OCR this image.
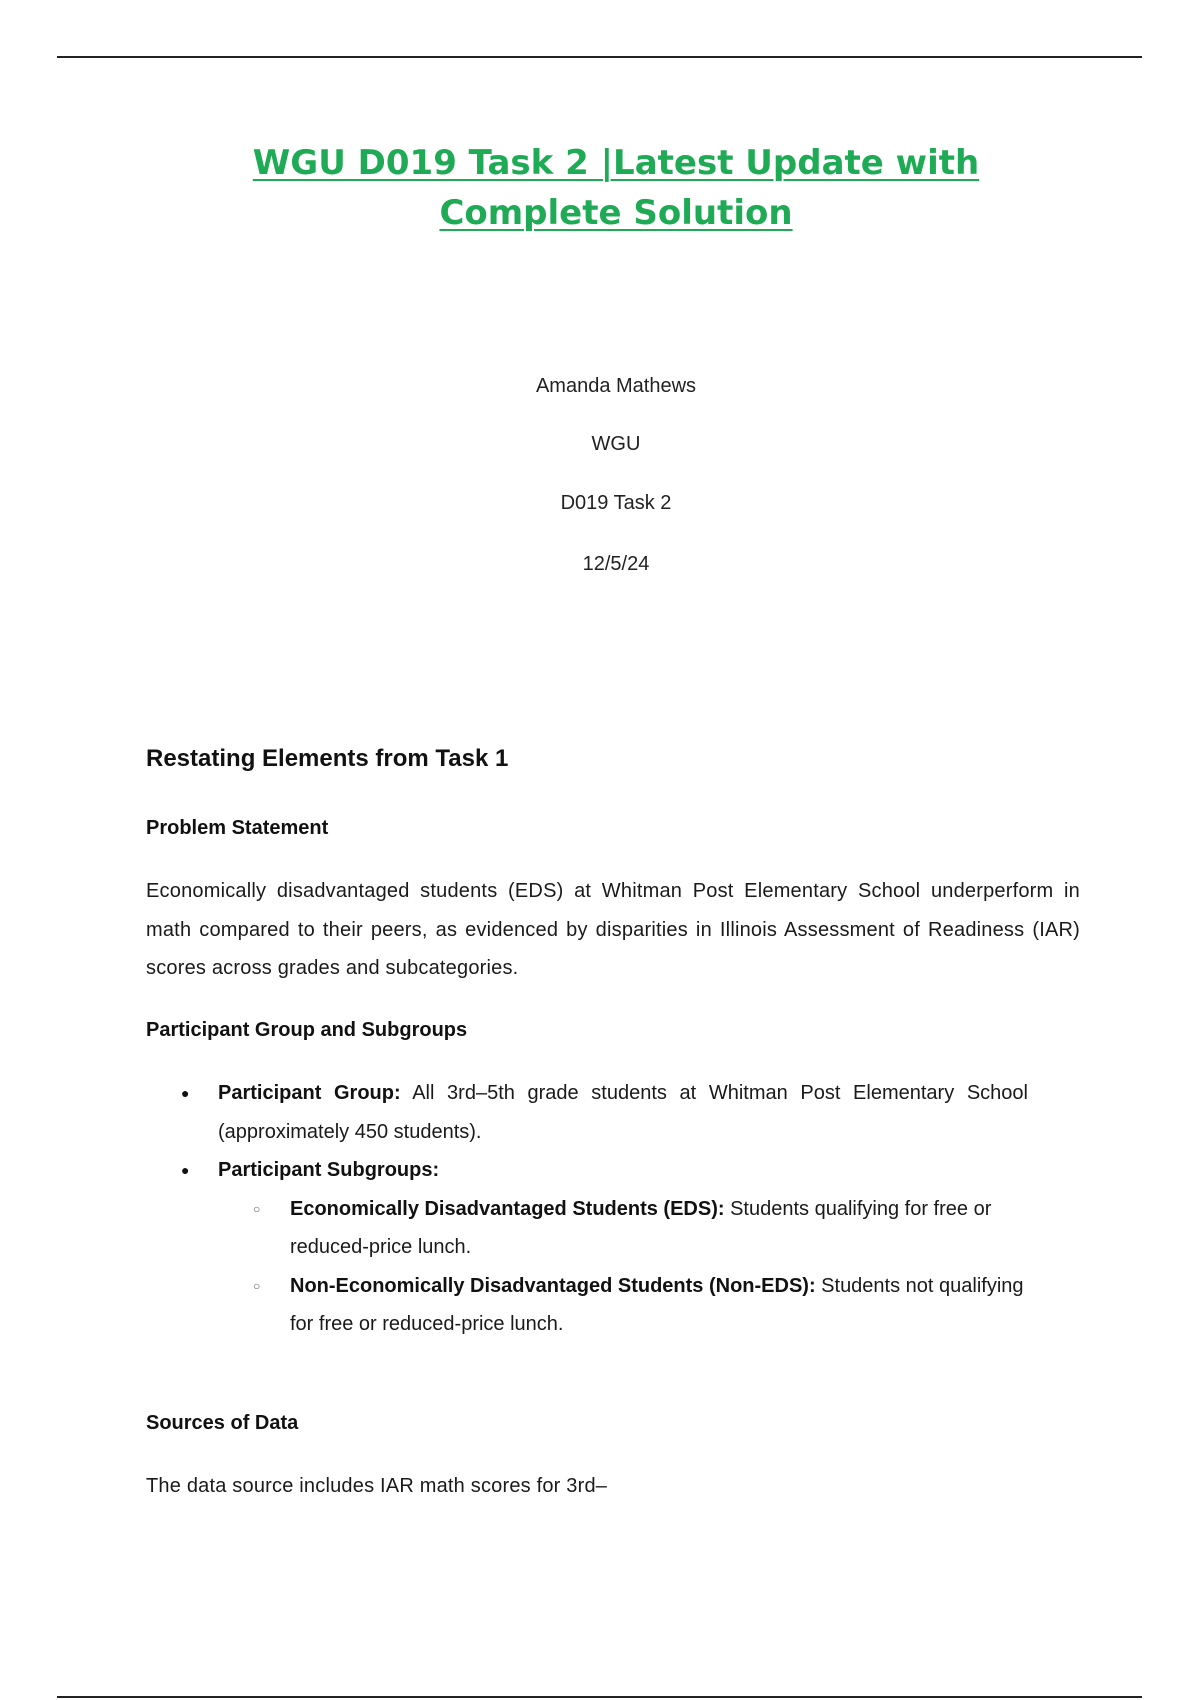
WGU D019 Task 2 |Latest Update with Complete Solution
Amanda Mathews
WGU
D019 Task 2
12/5/24
Restating Elements from Task 1
Problem Statement

Economically disadvantaged students (EDS) at Whitman Post Elementary School underperform in math compared to their peers, as evidenced by disparities in Illinois Assessment of Readiness (IAR) scores across grades and subcategories.

Participant Group and Subgroups
● Participant Group: All 3rd–5th grade students at Whitman Post Elementary School (approximately 450 students).
● Participant Subgroups:
○ Economically Disadvantaged Students (EDS): Students qualifying for free or reduced-price lunch.
○ Non-Economically Disadvantaged Students (Non-EDS): Students not qualifying for free or reduced-price lunch.
Sources of Data

The data source includes IAR math scores for 3rd–
